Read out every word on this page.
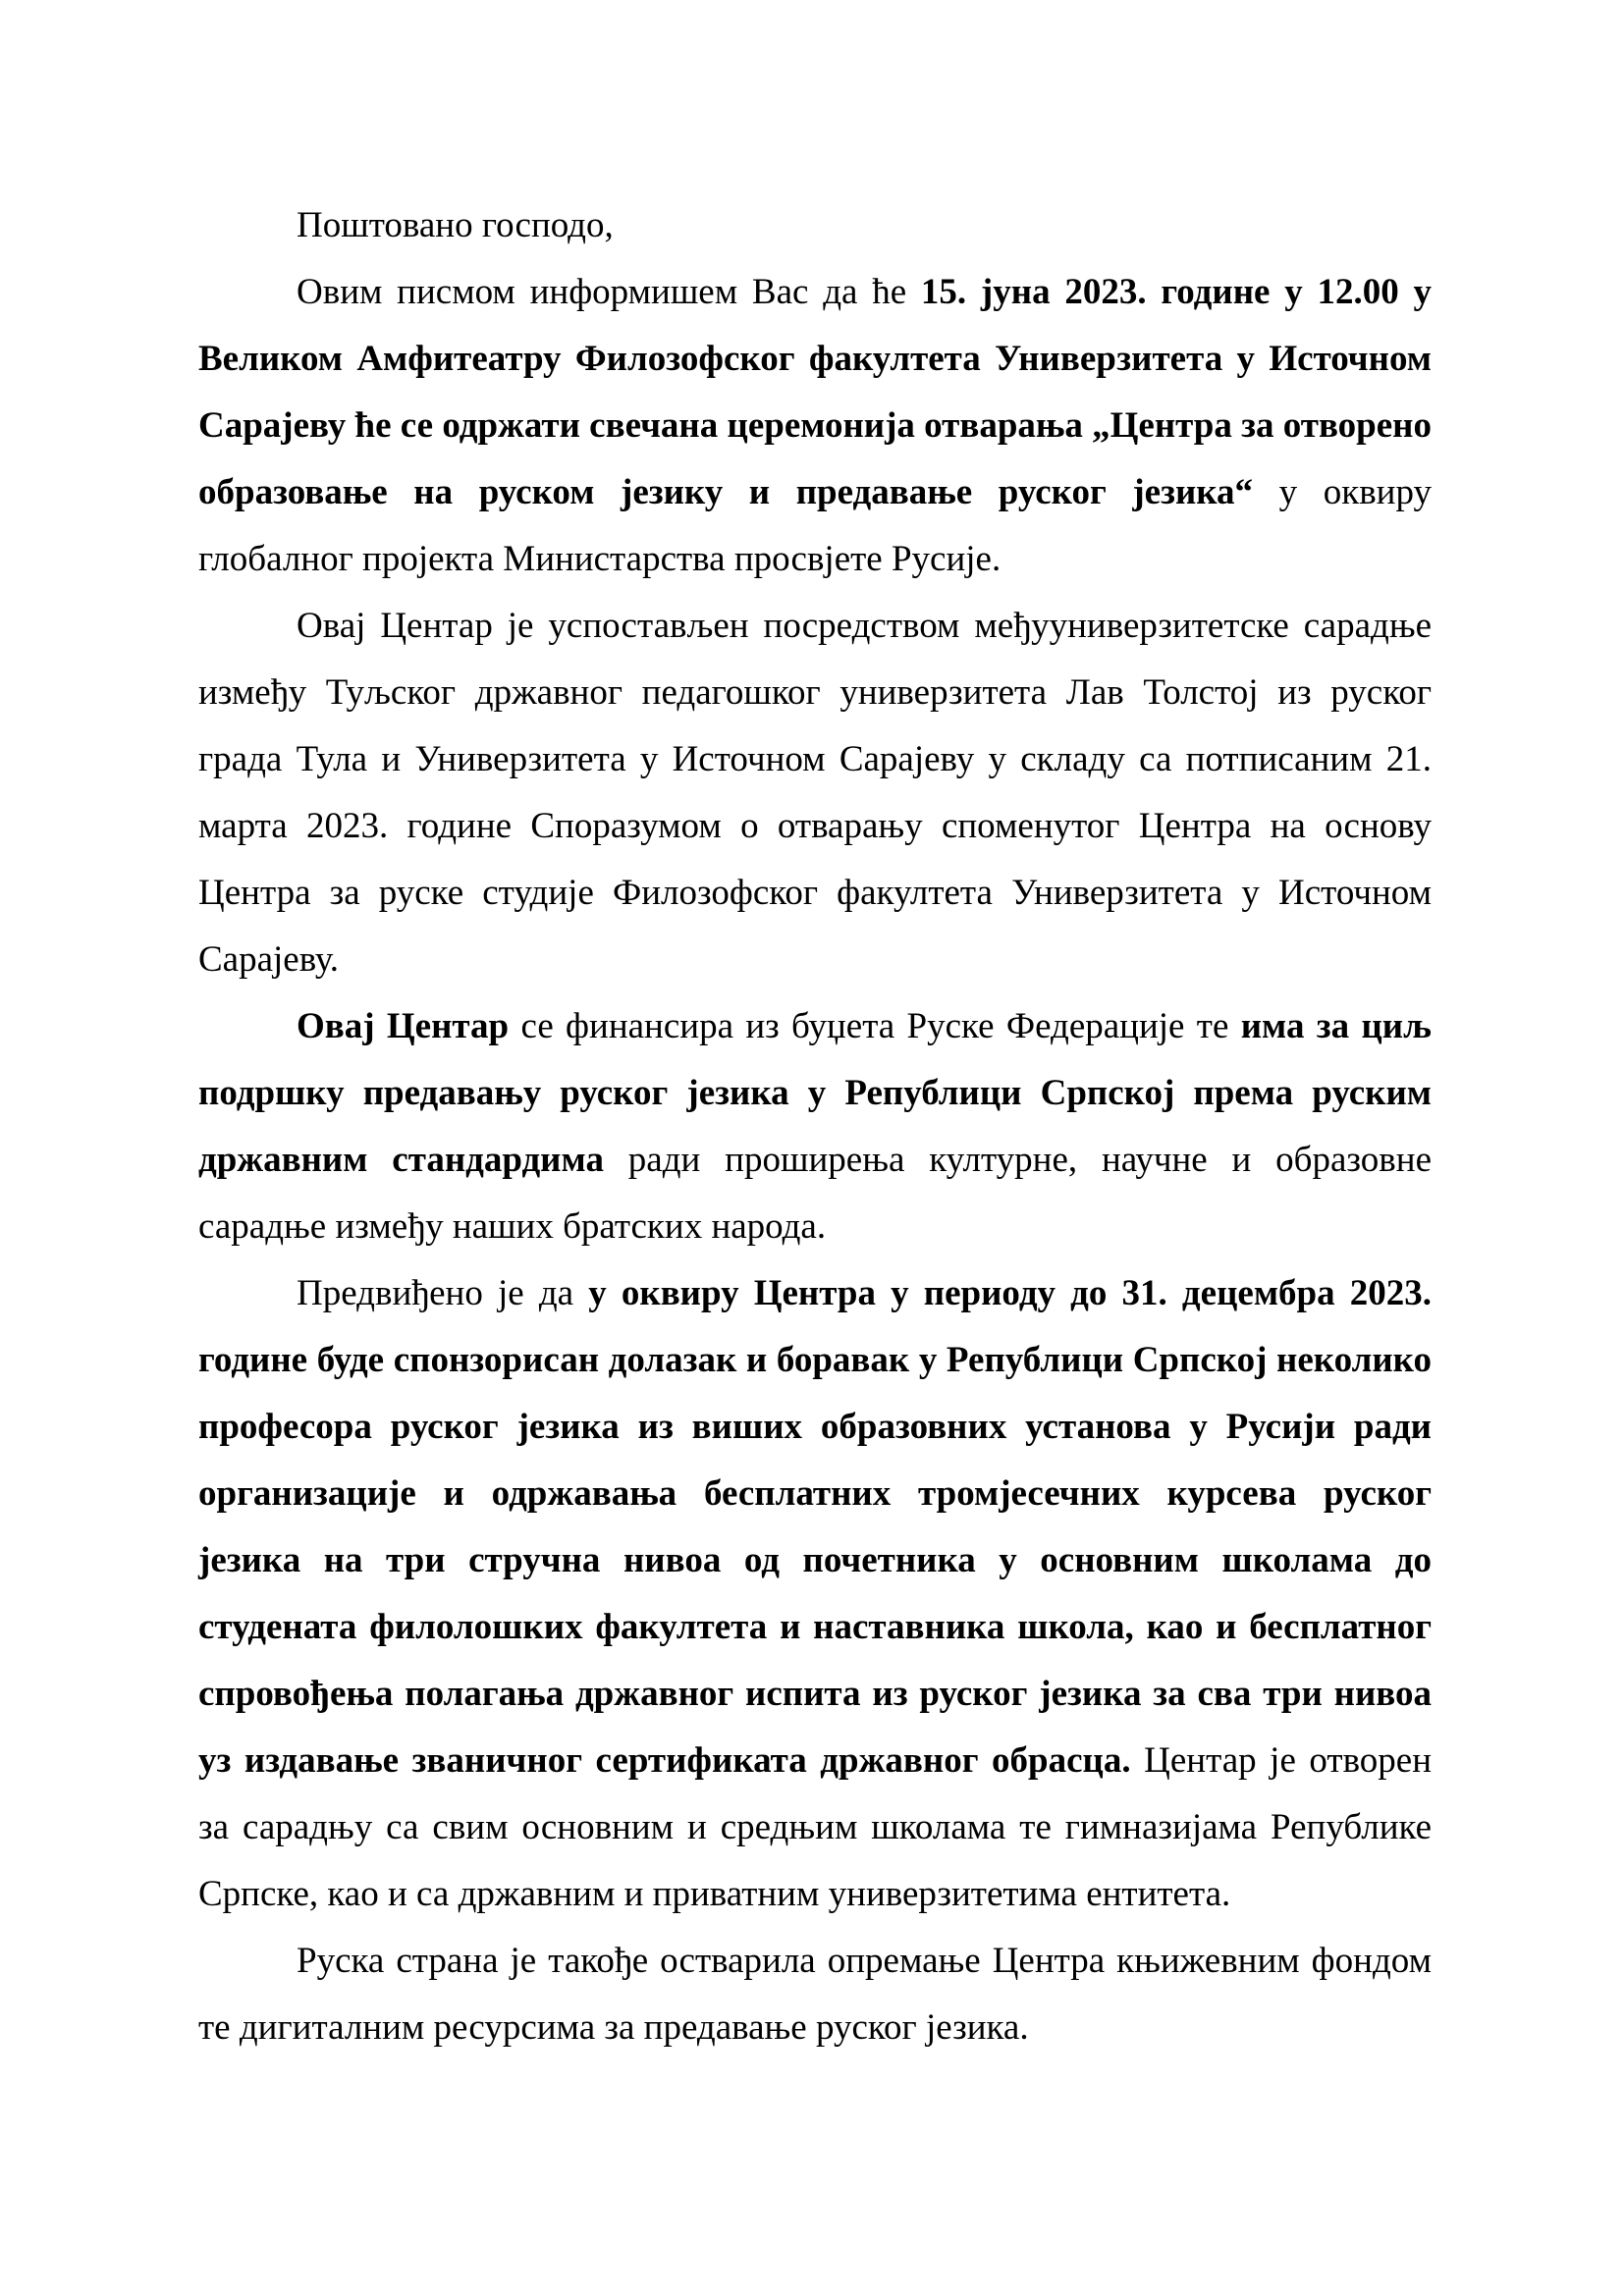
Поштовано господо,

Овим писмом информишем Вас да ће 15. јуна 2023. године у 12.00 у Великом Амфитеатру Филозофског факултета Универзитета у Источном Сарајеву ће се одржати свечана церемонија отварања „Центра за отворено образовање на руском језику и предавање руског језика“ у оквиру глобалног пројекта Министарства просвјете Русије.

Овај Центар је успостављен посредством међууниверзитетске сарадње између Туљског државног педагошког универзитета Лав Толстој из руског града Тула и Универзитета у Источном Сарајеву у складу са потписаним 21. марта 2023. године Споразумом о отварању споменутог Центра на основу Центра за руске студије Филозофског факултета Универзитета у Источном Сарајеву.

Овај Центар се финансира из буџета Руске Федерације те има за циљ подршку предавању руског језика у Републици Српској према руским државним стандардима ради проширења културне, научне и образовне сарадње између наших братских народа.

Предвиђено је да у оквиру Центра у периоду до 31. децембра 2023. године буде спонзорисан долазак и боравак у Републици Српској неколико професора руског језика из виших образовних установа у Русији ради организације и одржавања бесплатних тромјесечних курсева руског језика на три стручна нивоа од почетника у основним школама до студената филолошких факултета и наставника школа, као и бесплатног спровођења полагања државног испита из руског језика за сва три нивоа уз издавање званичног сертификата државног обрасца. Центар је отворен за сарадњу са свим основним и средњим школама те гимназијама Републике Српске, као и са државним и приватним универзитетима ентитета.

Руска страна је такође остварила опремање Центра књижевним фондом те дигиталним ресурсима за предавање руског језика.
